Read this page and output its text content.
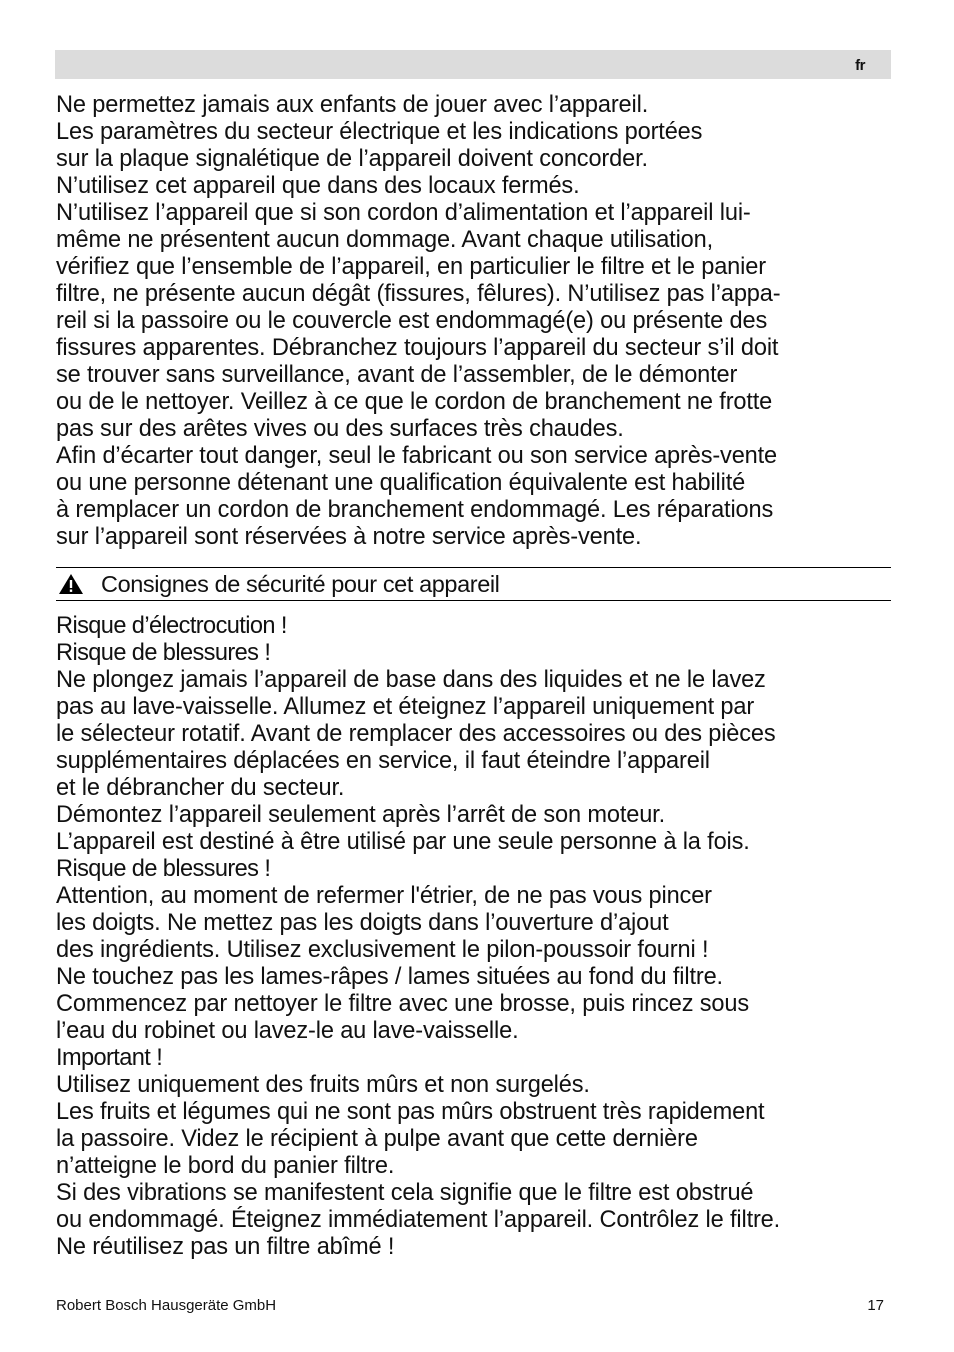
fr
Ne permettez jamais aux enfants de jouer avec l’appareil.
Les paramètres du secteur électrique et les indications portées
sur la plaque signalétique de l’appareil doivent concorder.
N’utilisez cet appareil que dans des locaux fermés.
N’utilisez l’appareil que si son cordon d’alimentation et l’appareil lui-
même ne présentent aucun dommage. Avant chaque utilisation,
vérifiez que l’ensemble de l’appareil, en particulier le filtre et le panier
filtre, ne présente aucun dégât (fissures, fêlures). N’utilisez pas l’appa-
reil si la passoire ou le couvercle est endommagé(e) ou présente des
fissures apparentes. Débranchez toujours l’appareil du secteur s’il doit
se trouver sans surveillance, avant de l’assembler, de le démonter
ou de le nettoyer. Veillez à ce que le cordon de branchement ne frotte
pas sur des arêtes vives ou des surfaces très chaudes.
Afin d’écarter tout danger, seul le fabricant ou son service après-vente
ou une personne détenant une qualification équivalente est habilité
à remplacer un cordon de branchement endommagé. Les réparations
sur l’appareil sont réservées à notre service après-vente.
Consignes de sécurité pour cet appareil
Risque d’électrocution !
Risque de blessures !
Ne plongez jamais l’appareil de base dans des liquides et ne le lavez
pas au lave-vaisselle. Allumez et éteignez l’appareil uniquement par
le sélecteur rotatif. Avant de remplacer des accessoires ou des pièces
supplémentaires déplacées en service, il faut éteindre l’appareil
et le débrancher du secteur.
Démontez l’appareil seulement après l’arrêt de son moteur.
L’appareil est destiné à être utilisé par une seule personne à la fois.
Risque de blessures !
Attention, au moment de refermer l'étrier, de ne pas vous pincer
les doigts. Ne mettez pas les doigts dans l’ouverture d’ajout
des ingrédients. Utilisez exclusivement le pilon-poussoir fourni !
Ne touchez pas les lames-râpes / lames situées au fond du filtre.
Commencez par nettoyer le filtre avec une brosse, puis rincez sous
l’eau du robinet ou lavez-le au lave-vaisselle.
Important !
Utilisez uniquement des fruits mûrs et non surgelés.
Les fruits et légumes qui ne sont pas mûrs obstruent très rapidement
la passoire. Videz le récipient à pulpe avant que cette dernière
n’atteigne le bord du panier filtre.
Si des vibrations se manifestent cela signifie que le filtre est obstrué
ou endommagé. Éteignez immédiatement l’appareil. Contrôlez le filtre.
Ne réutilisez pas un filtre abîmé !
Robert Bosch Hausgeräte GmbH	17
